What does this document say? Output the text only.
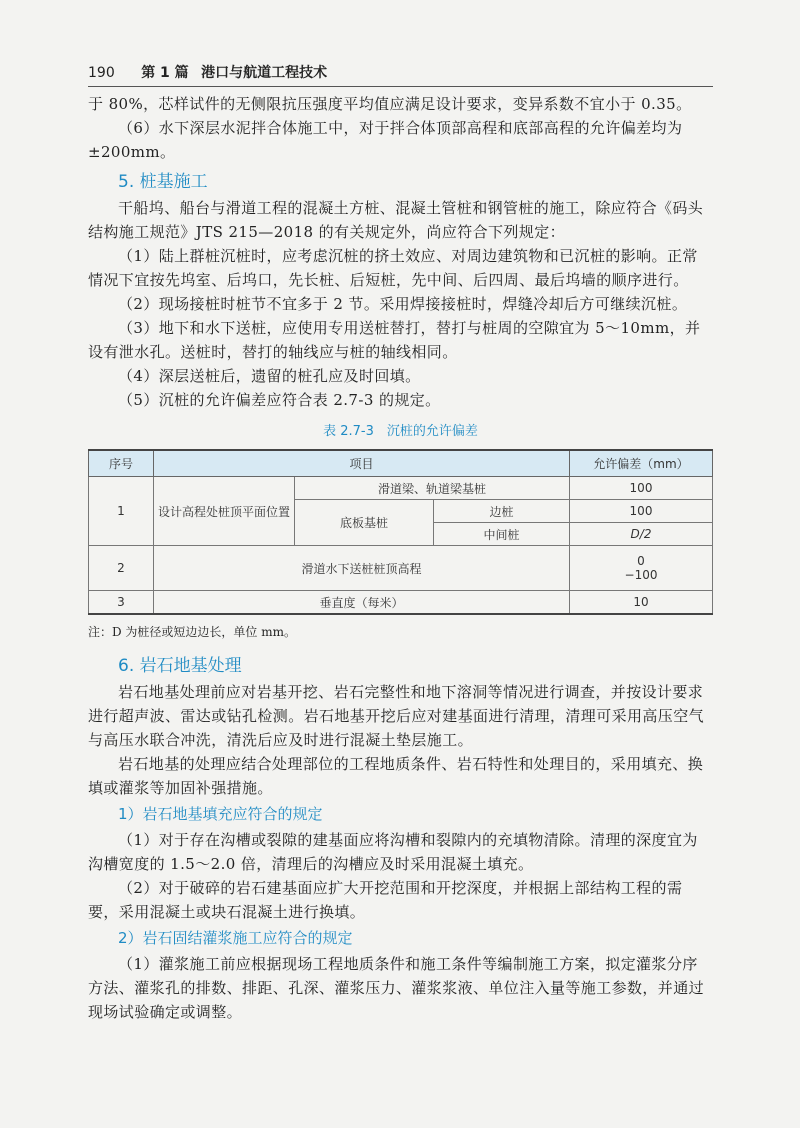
190 第 1 篇 港口与航道工程技术

于 80%，芯样试件的无侧限抗压强度平均值应满足设计要求，变异系数不宜小于 0.35。

（6）水下深层水泥拌合体施工中，对于拌合体顶部高程和底部高程的允许偏差均为 ±200mm。

5. 桩基施工

干船坞、船台与滑道工程的混凝土方桩、混凝土管桩和钢管桩的施工，除应符合《码头结构施工规范》JTS 215—2018 的有关规定外，尚应符合下列规定：

（1）陆上群桩沉桩时，应考虑沉桩的挤土效应、对周边建筑物和已沉桩的影响。正常情况下宜按先坞室、后坞口，先长桩、后短桩，先中间、后四周、最后坞墙的顺序进行。

（2）现场接桩时桩节不宜多于 2 节。采用焊接接桩时，焊缝冷却后方可继续沉桩。

（3）地下和水下送桩，应使用专用送桩替打，替打与桩周的空隙宜为 5～10mm，并设有泄水孔。送桩时，替打的轴线应与桩的轴线相同。

（4）深层送桩后，遗留的桩孔应及时回填。

（5）沉桩的允许偏差应符合表 2.7-3 的规定。

表 2.7-3　沉桩的允许偏差
序号	项目			允许偏差（mm）
1	设计高程处桩顶平面位置	滑道梁、轨道梁基桩		100
		底板基桩	边桩	100
			中间桩	D/2
2	滑道水下送桩桩顶高程			0
−100

3	垂直度（每米）			10
注：D 为桩径或短边边长，单位 mm。
6. 岩石地基处理

岩石地基处理前应对岩基开挖、岩石完整性和地下溶洞等情况进行调查，并按设计要求进行超声波、雷达或钻孔检测。岩石地基开挖后应对建基面进行清理，清理可采用高压空气与高压水联合冲洗，清洗后应及时进行混凝土垫层施工。

岩石地基的处理应结合处理部位的工程地质条件、岩石特性和处理目的，采用填充、换填或灌浆等加固补强措施。

1）岩石地基填充应符合的规定

（1）对于存在沟槽或裂隙的建基面应将沟槽和裂隙内的充填物清除。清理的深度宜为沟槽宽度的 1.5～2.0 倍，清理后的沟槽应及时采用混凝土填充。

（2）对于破碎的岩石建基面应扩大开挖范围和开挖深度，并根据上部结构工程的需要，采用混凝土或块石混凝土进行换填。

2）岩石固结灌浆施工应符合的规定

（1）灌浆施工前应根据现场工程地质条件和施工条件等编制施工方案，拟定灌浆分序方法、灌浆孔的排数、排距、孔深、灌浆压力、灌浆浆液、单位注入量等施工参数，并通过现场试验确定或调整。
